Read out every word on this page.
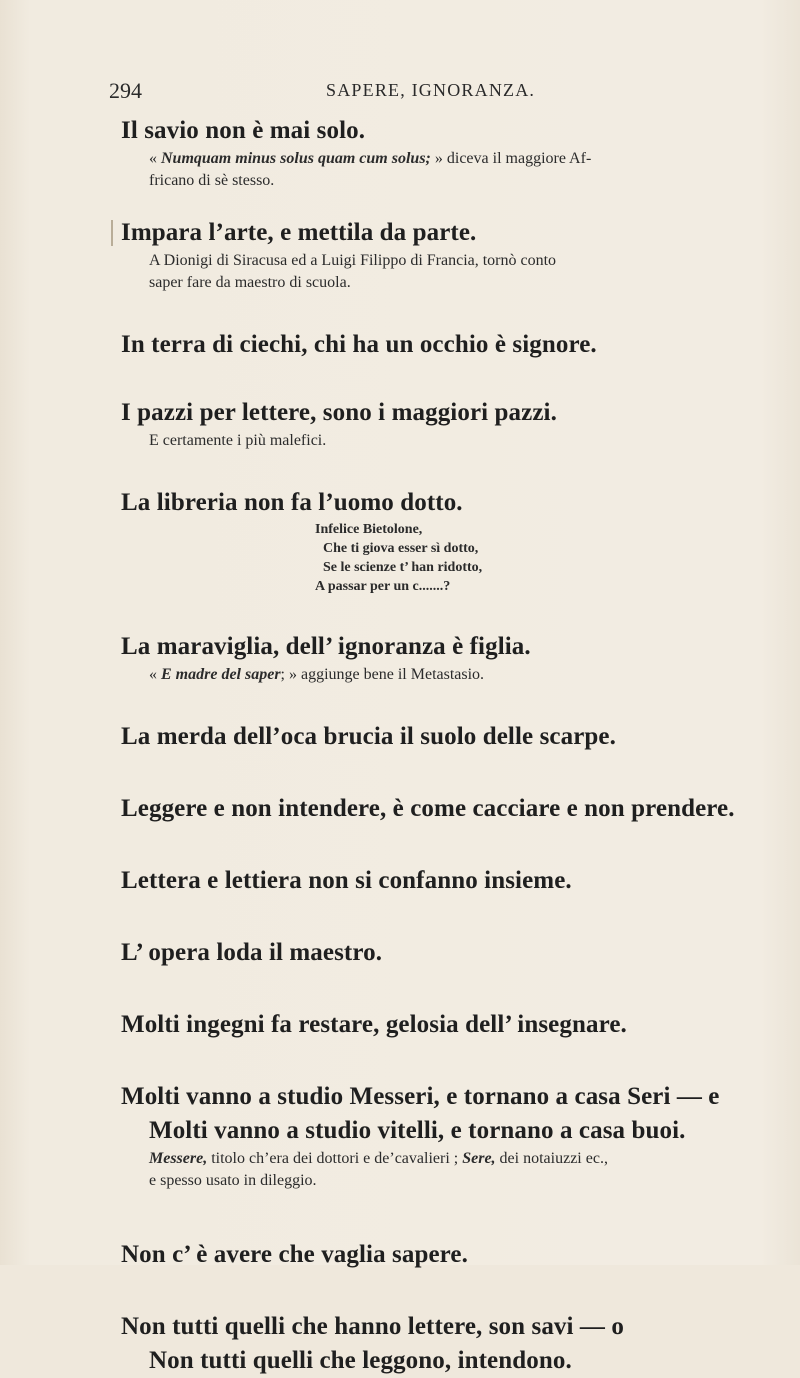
294	SAPERE, IGNORANZA.
Il savio non è mai solo.
« Numquam minus solus quam cum solus; » diceva il maggiore Af-
fricano di sè stesso.
Impara l’arte, e mettila da parte.
A Dionigi di Siracusa ed a Luigi Filippo di Francia, tornò conto
saper fare da maestro di scuola.
In terra di ciechi, chi ha un occhio è signore.
I pazzi per lettere, sono i maggiori pazzi.
E certamente i più malefici.
La libreria non fa l’uomo dotto.
Infelice Bietolone,
Che ti giova esser sì dotto,
Se le scienze t’ han ridotto,
A passar per un c.......?
La maraviglia, dell’ ignoranza è figlia.
« E madre del saper; » aggiunge bene il Metastasio.
La merda dell’oca brucia il suolo delle scarpe.
Leggere e non intendere, è come cacciare e non prendere.
Lettera e lettiera non si confanno insieme.
L’ opera loda il maestro.
Molti ingegni fa restare, gelosia dell’ insegnare.
Molti vanno a studio Messeri, e tornano a casa Seri — e
Molti vanno a studio vitelli, e tornano a casa buoi.
Messere, titolo ch’era dei dottori e de’cavalieri ; Sere, dei notaiuzzi ec.,
e spesso usato in dileggio.
Non c’ è avere che vaglia sapere.
Non tutti quelli che hanno lettere, son savi — o
Non tutti quelli che leggono, intendono.
